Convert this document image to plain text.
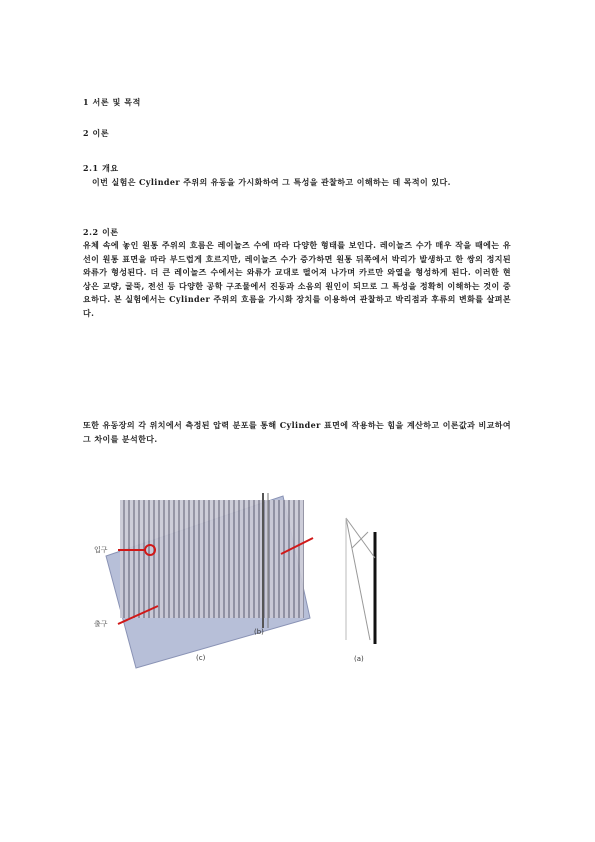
1 서론 및 목적
2 이론
2.1 개요
이번 실험은 Cylinder 주위의 유동을 가시화하여 그 특성을 관찰하고 이해하는 데 목적이 있다.
2.2 이론
유체 속에 놓인 원통 주위의 흐름은 레이놀즈 수에 따라 다양한 형태를 보인다. 레이놀즈 수가 매우 작을 때에는 유선이 원통 표면을 따라 부드럽게 흐르지만, 레이놀즈 수가 증가하면 원통 뒤쪽에서 박리가 발생하고 한 쌍의 정지된 와류가 형성된다. 더 큰 레이놀즈 수에서는 와류가 교대로 떨어져 나가며 카르만 와열을 형성하게 된다. 이러한 현상은 교량, 굴뚝, 전선 등 다양한 공학 구조물에서 진동과 소음의 원인이 되므로 그 특성을 정확히 이해하는 것이 중요하다. 본 실험에서는 Cylinder 주위의 흐름을 가시화 장치를 이용하여 관찰하고 박리점과 후류의 변화를 살펴본다.
또한 유동장의 각 위치에서 측정된 압력 분포를 통해 Cylinder 표면에 작용하는 힘을 계산하고 이론값과 비교하여 그 차이를 분석한다.
입구
출구
(b)
(c)	(a)
